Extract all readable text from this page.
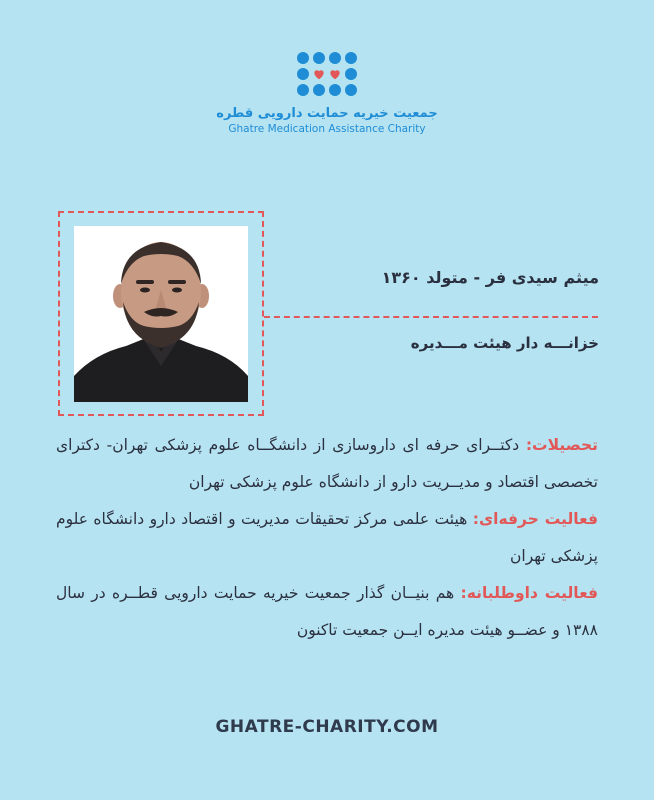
جمعیت خیریه حمایت دارویی قطره
Ghatre Medication Assistance Charity
میثم سیدی فر - متولد ۱۳۶۰
خزانـــه دار هیئت مـــدیره

تحصیلات: دکتــرای حرفه ای داروسازی از دانشگــاه علوم پزشکی تهران- دکترای تخصصی اقتصاد و مدیــریت دارو از دانشگاه علوم پزشکی تهران

فعالیت حرفه‌ای: هیئت علمی مرکز تحقیقات مدیریت و اقتصاد دارو دانشگاه علوم پزشکی تهران

فعالیت داوطلبانه: هم بنیــان گذار جمعیت خیریه حمایت دارویی قطــره در سال ۱۳۸۸ و عضــو هیئت مدیره ایــن جمعیت تاکنون

GHATRE-CHARITY.COM
